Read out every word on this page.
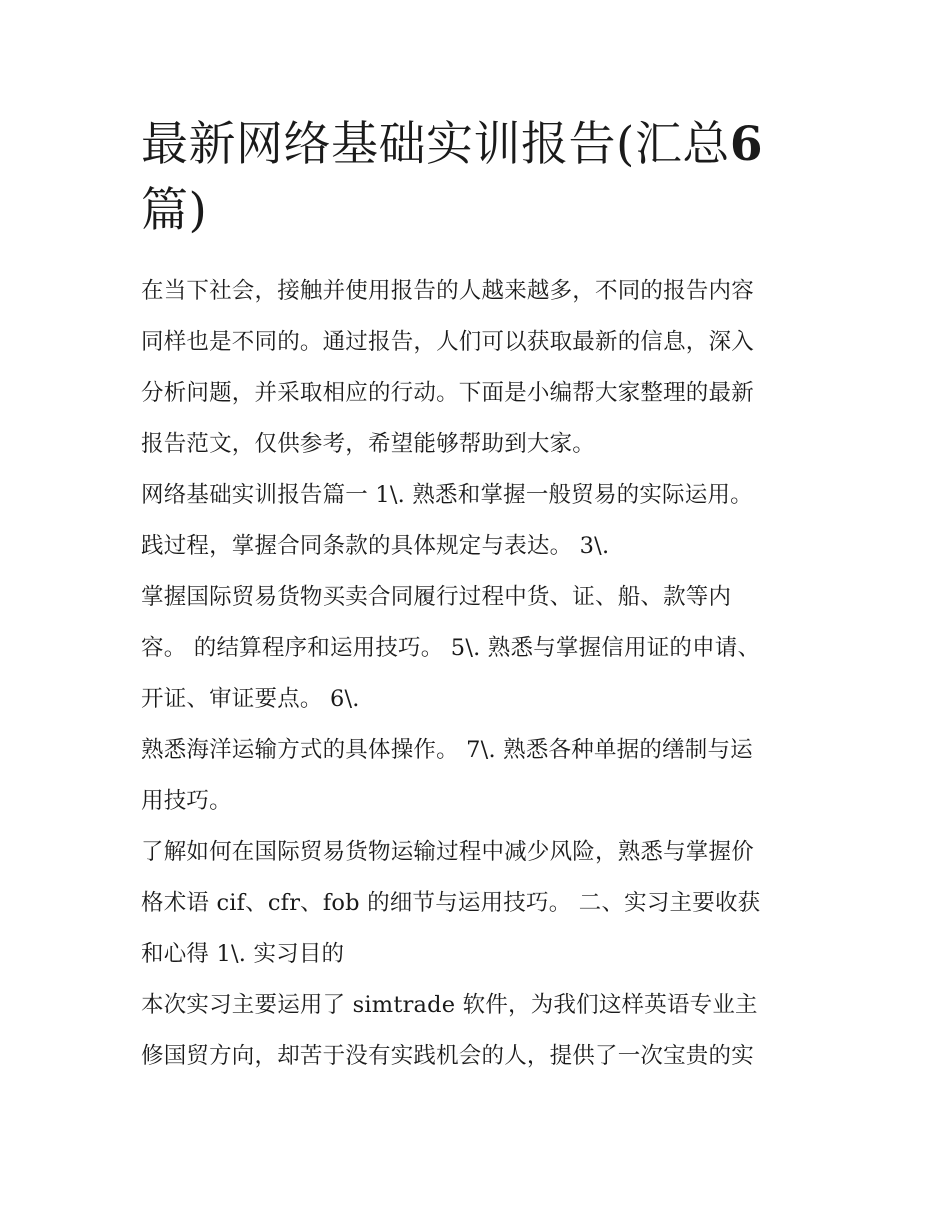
最新网络基础实训报告(汇总6
篇)

在当下社会，接触并使用报告的人越来越多，不同的报告内容
同样也是不同的。通过报告，人们可以获取最新的信息，深入
分析问题，并采取相应的行动。下面是小编帮大家整理的最新
报告范文，仅供参考，希望能够帮助到大家。

网络基础实训报告篇一 1\. 熟悉和掌握一般贸易的实际运用。
践过程，掌握合同条款的具体规定与表达。 3\.

掌握国际贸易货物买卖合同履行过程中货、证、船、款等内
容。 的结算程序和运用技巧。 5\. 熟悉与掌握信用证的申请、
开证、审证要点。 6\.

熟悉海洋运输方式的具体操作。 7\. 熟悉各种单据的缮制与运
用技巧。

了解如何在国际贸易货物运输过程中减少风险，熟悉与掌握价
格术语 cif、cfr、fob 的细节与运用技巧。 二、实习主要收获
和心得 1\. 实习目的

本次实习主要运用了 simtrade 软件，为我们这样英语专业主
修国贸方向，却苦于没有实践机会的人，提供了一次宝贵的实
